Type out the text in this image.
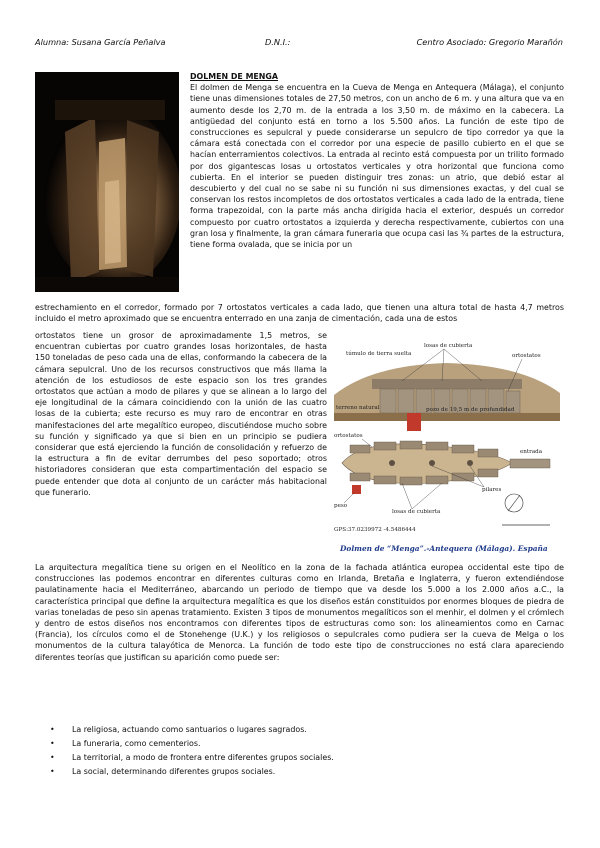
Alumna: Susana García Peñalva	D.N.I.:	Centro Asociado: Gregorio Marañón

DOLMEN DE MENGA

El dolmen de Menga se encuentra en la Cueva de Menga en Antequera (Málaga), el conjunto tiene unas dimensiones totales de 27,50 metros, con un ancho de 6 m. y una altura que va en aumento desde los 2,70 m. de la entrada a los 3,50 m. de máximo en la cabecera. La antigüedad del conjunto está en torno a los 5.500 años. La función de este tipo de construcciones es sepulcral y puede considerarse un sepulcro de tipo corredor ya que la cámara está conectada con el corredor por una especie de pasillo cubierto en el que se hacían enterramientos colectivos. La entrada al recinto está compuesta por un trilito formado por dos gigantescas losas u ortostatos verticales y otra horizontal que funciona como cubierta. En el interior se pueden distinguir tres zonas: un atrio, que debió estar al descubierto y del cual no se sabe ni su función ni sus dimensiones exactas, y del cual se conservan los restos incompletos de dos ortostatos verticales a cada lado de la entrada, tiene forma trapezoidal, con la parte más ancha dirigida hacia el exterior, después un corredor compuesto por cuatro ortostatos a izquierda y derecha respectivamente, cubiertos con una gran losa y finalmente, la gran cámara funeraria que ocupa casi las ¾ partes de la estructura, tiene forma ovalada, que se inicia por un

estrechamiento en el corredor, formado por 7 ortostatos verticales a cada lado, que tienen una altura total de hasta 4,7 metros incluido el metro aproximado que se encuentra enterrado en una zanja de cimentación, cada una de estos

ortostatos tiene un grosor de aproximadamente 1,5 metros, se encuentran cubiertas por cuatro grandes losas horizontales, de hasta 150 toneladas de peso cada una de ellas, conformando la cabecera de la cámara sepulcral. Uno de los recursos constructivos que más llama la atención de los estudiosos de este espacio son los tres grandes ortostatos que actúan a modo de pilares y que se alinean a lo largo del eje longitudinal de la cámara coincidiendo con la unión de las cuatro losas de la cubierta; este recurso es muy raro de encontrar en otras manifestaciones del arte megalítico europeo, discutiéndose mucho sobre su función y significado ya que si bien en un principio se pudiera considerar que está ejerciendo la función de consolidación y refuerzo de la estructura a fin de evitar derrumbes del peso soportado; otros historiadores consideran que esta compartimentación del espacio se puede entender que dota al conjunto de un carácter más habitacional que funerario.

túmulo de tierra suelta
losas de cubierta
ortostatos
terreno natural	pozo de 19,5 m de profundidad
ortostatos
entrada
pilares
peso
losas de cubierta
GPS:37.0239972 -4.5486444
Dolmen de “Menga”.-Antequera (Málaga). España

La arquitectura megalítica tiene su origen en el Neolítico en la zona de la fachada atlántica europea occidental este tipo de construcciones las podemos encontrar en diferentes culturas como en Irlanda, Bretaña e Inglaterra, y fueron extendiéndose paulatinamente hacia el Mediterráneo, abarcando un periodo de tiempo que va desde los 5.000 a los 2.000 años a.C., la característica principal que define la arquitectura megalítica es que los diseños están constituidos por enormes bloques de piedra de varias toneladas de peso sin apenas tratamiento. Existen 3 tipos de monumentos megalíticos son el menhir, el dolmen y el crómlech y dentro de estos diseños nos encontramos con diferentes tipos de estructuras como son: los alineamientos como en Carnac (Francia), los círculos como el de Stonehenge (U.K.) y los religiosos o sepulcrales como pudiera ser la cueva de Melga o los monumentos de la cultura talayótica de Menorca. La función de todo este tipo de construcciones no está clara apareciendo diferentes teorías que justifican su aparición como puede ser:

• La religiosa, actuando como santuarios o lugares sagrados.
• La funeraria, como cementerios.
• La territorial, a modo de frontera entre diferentes grupos sociales.
• La social, determinando diferentes grupos sociales.
